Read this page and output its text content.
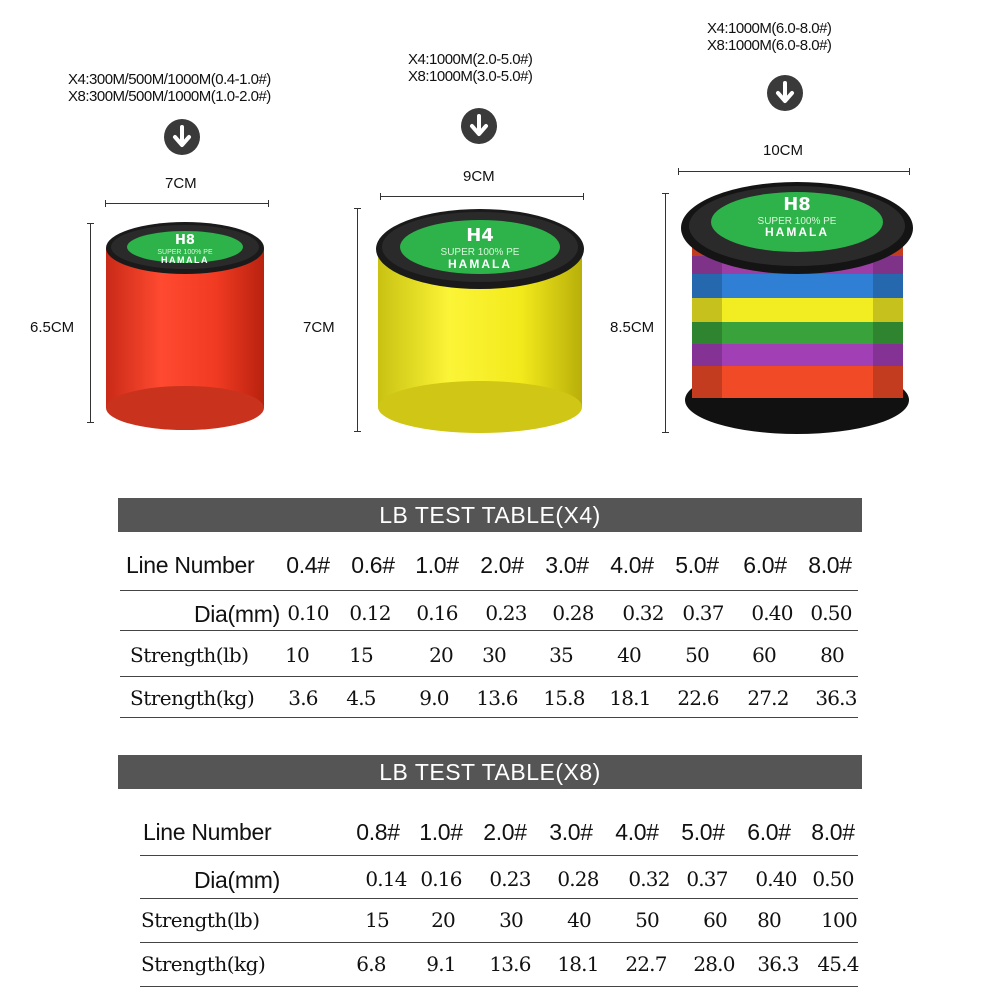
X4:300M/500M/1000M(0.4-1.0#)
X8:300M/500M/1000M(1.0-2.0#)
7CM
6.5CM
H8
SUPER 100% PE
HAMALA
X4:1000M(2.0-5.0#)
X8:1000M(3.0-5.0#)
9CM
7CM
H4
SUPER 100% PE
HAMALA
X4:1000M(6.0-8.0#)
X8:1000M(6.0-8.0#)
10CM
8.5CM
H8
SUPER 100% PE
HAMALA
LB TEST TABLE(X4)
Line Number	0.4# 0.6# 1.0# 2.0# 3.0# 4.0# 5.0# 6.0# 8.0#
Dia(mm) 0.10	0.12	0.16	0.23	0.28	0.32 0.37	0.40 0.50
Strength(lb)	10	15	20	30	35	40	50	60	80
Strength(kg)	3.6	4.5	9.0	13.6	15.8	18.1	22.6	27.2	36.3
LB TEST TABLE(X8)
Line Number	0.8# 1.0# 2.0# 3.0# 4.0# 5.0# 6.0# 8.0#
Dia(mm)	0.14 0.16	0.23	0.28	0.32 0.37	0.40 0.50
Strength(lb)	15	20	30	40	50	60	80	100
Strength(kg)	6.8	9.1	13.6	18.1	22.7	28.0	36.3 45.4
